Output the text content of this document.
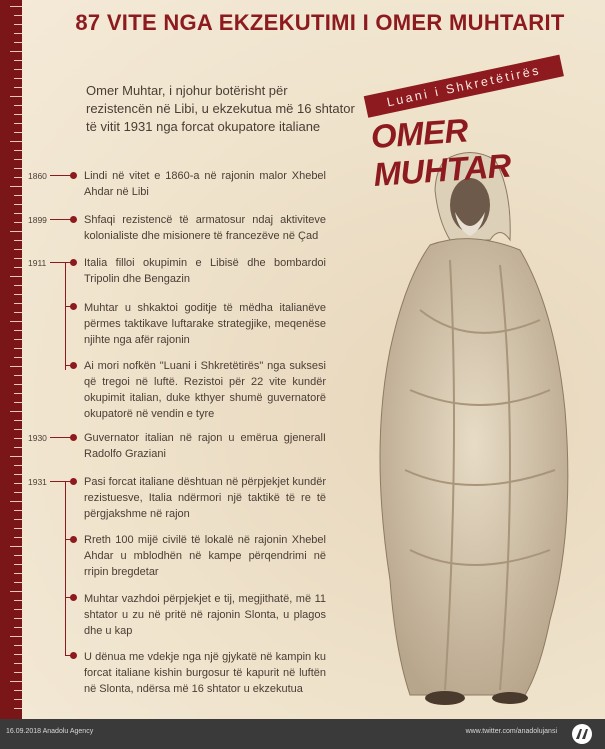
87 VITE NGA EKZEKUTIMI I OMER MUHTARIT
Omer Muhtar, i njohur botërisht për rezistencën në Libi, u ekzekutua më 16 shtator të vitit 1931 nga forcat okupatore italiane
Luani i Shkretëtirës
OMER MUHTAR
1860	Lindi në vitet e 1860-a në rajonin malor Xhebel Ahdar në Libi
1899	Shfaqi rezistencë të armatosur ndaj aktiviteve kolonialiste dhe misionere të francezëve në Çad
1911	Italia filloi okupimin e Libisë dhe bombardoi Tripolin dhe Bengazin
Muhtar u shkaktoi goditje të mëdha italianëve përmes taktikave luftarake strategjike, meqenëse njihte nga afër rajonin
Ai mori nofkën "Luani i Shkretëtirës" nga suksesi që tregoi në luftë. Rezistoi për 22 vite kundër okupimit italian, duke kthyer shumë guvernatorë okupatorë në vendin e tyre
1930	Guvernator italian në rajon u emërua gjeneralI Radolfo Graziani
1931	Pasi forcat italiane dështuan në përpjekjet kundër rezistuesve, Italia ndërmori një taktikë të re të përgjakshme në rajon
Rreth 100 mijë civilë të lokalë në rajonin Xhebel Ahdar u mblodhën në kampe përqendrimi në rripin bregdetar
Muhtar vazhdoi përpjekjet e tij, megjithatë, më 11 shtator u zu në pritë në rajonin Slonta, u plagos dhe u kap
U dënua me vdekje nga një gjykatë në kampin ku forcat italiane kishin burgosur të kapurit në luftën në Slonta, ndërsa më 16 shtator u ekzekutua
16.09.2018 Anadolu Agency	www.twitter.com/anadolujansi
